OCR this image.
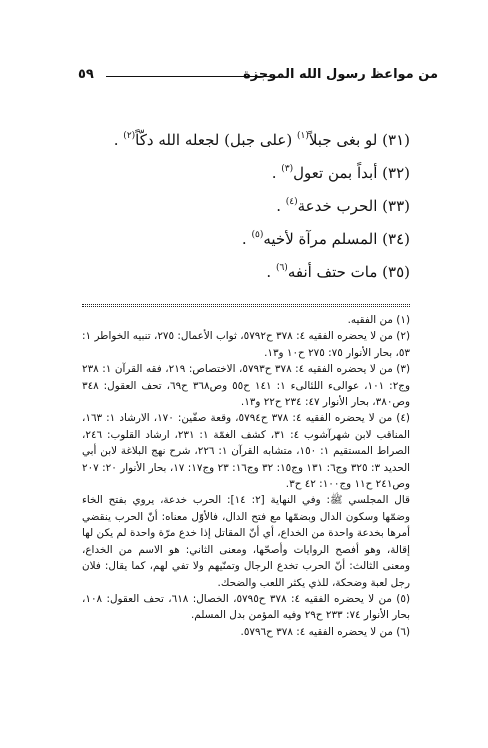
٥٩	من مواعظ رسول الله الموجزة
(٣١) لو بغى جبلاً$^{(١)}$ (على جبل) لجعله الله دكّاً$^{(٢)}$ .
(٣٢) أبداً بمن تعول$^{(٣)}$ .
(٣٣) الحرب خدعة$^{(٤)}$ .
(٣٤) المسلم مرآة لأخيه$^{(٥)}$ .
(٣٥) مات حتف أنفه$^{(٦)}$ .

(١) من الفقيه.

(٢) من لا يحضره الفقيه ٤: ٣٧٨ ح٥٧٩٢، ثواب الأعمال: ٢٧٥، تنبيه الخواطر ١: ٥٣، بحار الأنوار ٧٥: ٢٧٥ ح١٠ و١٣.

(٣) من لا يحضره الفقيه ٤: ٣٧٨ ح٥٧٩٣، الاختصاص: ٢١٩، فقه القرآن ١: ٢٣٨ وج٢: ١٠١، عوالىء اللئالىء ١: ١٤١ ح٥٥ وص٣٦٨ ح٦٩، تحف العقول: ٣٤٨ وص٣٨٠، بحار الأنوار ٤٧: ٢٣٤ ح٢٢ و١٣.

(٤) من لا يحضره الفقيه ٤: ٣٧٨ ح٥٧٩٤، وقعة صفّين: ١٧٠، الارشاد ١: ١٦٣، المناقب لابن شهرآشوب ٤: ٣١، كشف الغمّة ١: ٢٣١، ارشاد القلوب: ٢٤٦، الصراط المستقيم ١: ١٥٠، متشابه القرآن ١: ٢٢٦، شرح نهج البلاغة لابن أبي الحديد ٣: ٣٢٥ وج٦: ١٣١ وج١٥: ٣٢ وج١٦: ٢٣ وج١٧: ١٧، بحار الأنوار ٢٠: ٢٠٧ وص٢٤١ ح١١ وج١٠٠: ٤٢ ح٣.

قال المجلسي ﷺ: وفي النهاية [٢: ١٤]: الحرب خدعة، يروي بفتح الخاء وضمّها وسكون الدال وبضمّها مع فتح الدال، فالأوّل معناه: أنّ الحرب ينقضي أمرها بخدعة واحدة من الخداع، أي أنّ المقاتل إذا خدع مرّة واحدة لم يكن لها إقالة، وهو أفصح الروايات وأصحّها، ومعنى الثاني: هو الاسم من الخداع، ومعنى الثالث: أنّ الحرب تخدع الرجال وتمنّيهم ولا تفي لهم، كما يقال: فلان رجل لعبة وضحكة، للذي يكثر اللعب والضحك.

(٥) من لا يحضره الفقيه ٤: ٣٧٨ ح٥٧٩٥، الخصال: ٦١٨، تحف العقول: ١٠٨، بحار الأنوار ٧٤: ٢٣٣ ح٢٩ وفيه المؤمن بدل المسلم.

(٦) من لا يحضره الفقيه ٤: ٣٧٨ ح٥٧٩٦.
